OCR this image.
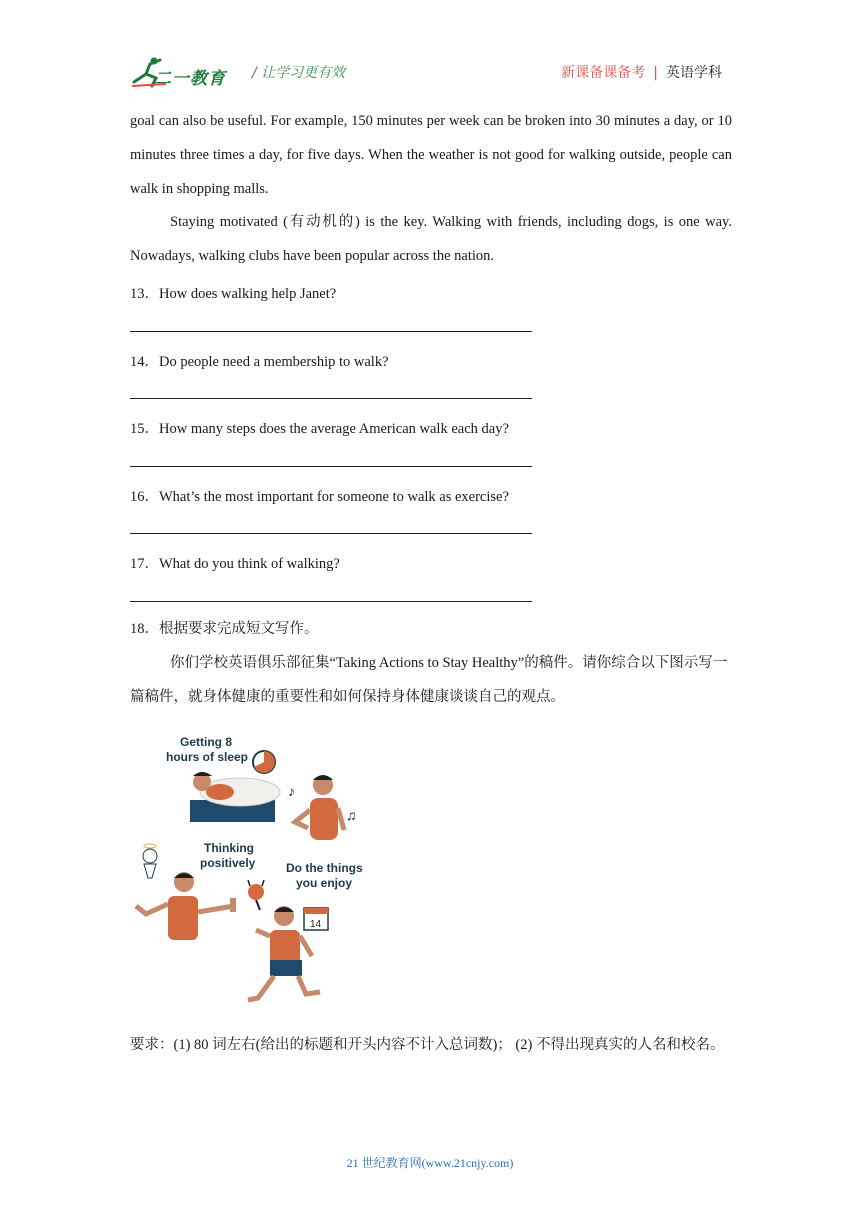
二一教育 / 让学习更有效	新课备课备考 | 英语学科
goal can also be useful. For example, 150 minutes per week can be broken into 30 minutes a day, or 10 minutes three times a day, for five days. When the weather is not good for walking outside, people can walk in shopping malls.
Staying motivated (有动机的) is the key. Walking with friends, including dogs, is one way. Nowadays, walking clubs have been popular across the nation.
13．How does walking help Janet?
14．Do people need a membership to walk?
15．How many steps does the average American walk each day?
16．What’s the most important for someone to walk as exercise?
17．What do you think of walking?
18．根据要求完成短文写作。
你们学校英语俱乐部征集“Taking Actions to Stay Healthy”的稿件。请你综合以下图示写一篇稿件，就身体健康的重要性和如何保持身体健康谈谈自己的观点。
Getting 8
hours of sleep
♪
♫
Thinking
positively	Do the things
you enjoy
14
要求：(1) 80 词左右(给出的标题和开头内容不计入总词数)； (2) 不得出现真实的人名和校名。
21 世纪教育网(www.21cnjy.com)
